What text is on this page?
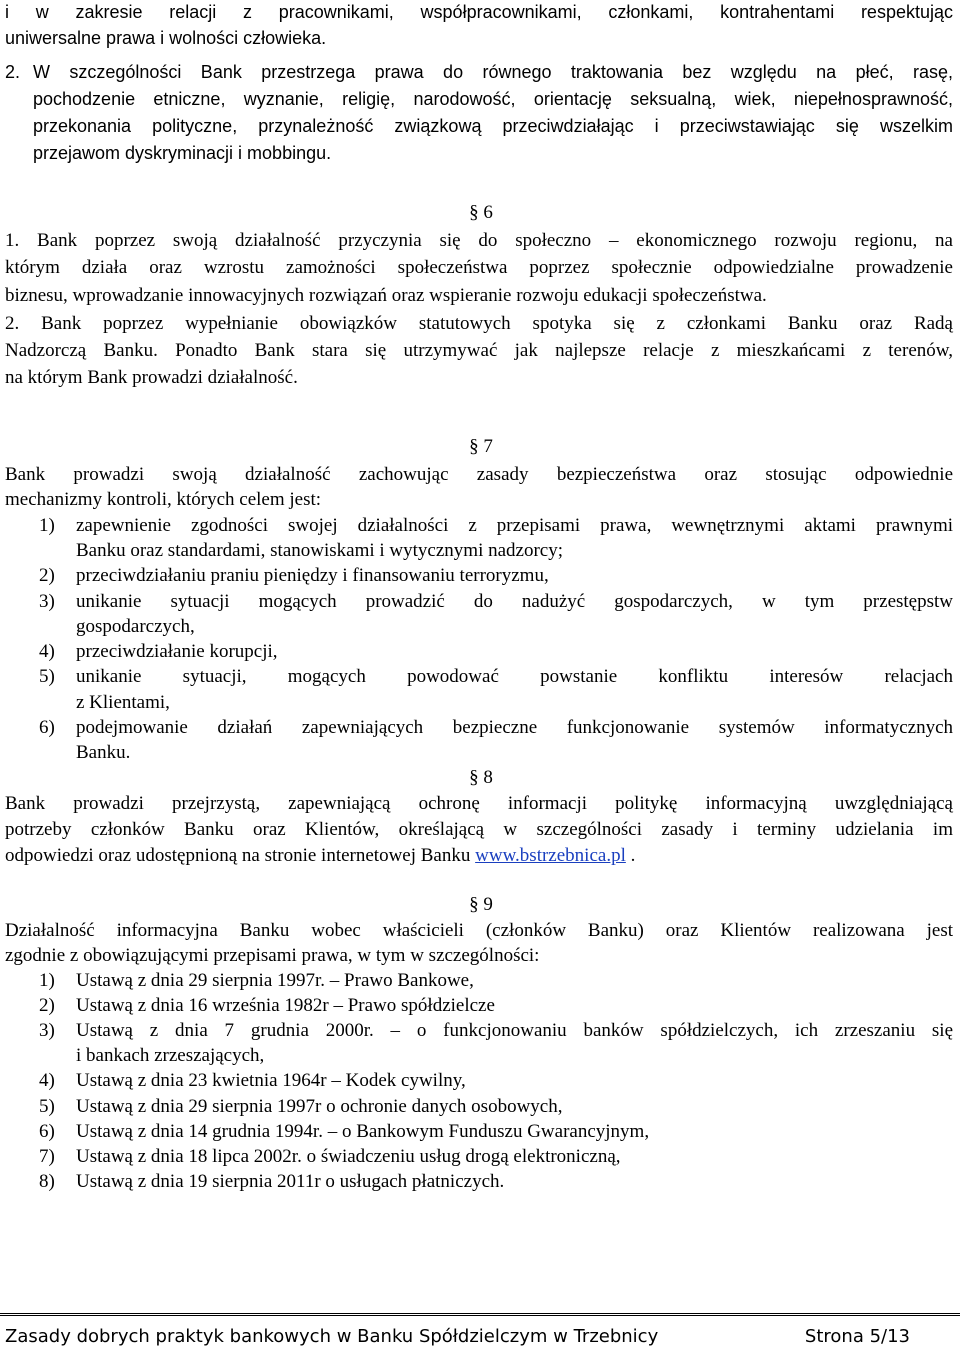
i w zakresie relacji z pracownikami, współpracownikami, członkami, kontrahentami respektując
uniwersalne prawa i wolności człowieka.
2. W szczególności Bank przestrzega prawa do równego traktowania bez względu na płeć, rasę,
pochodzenie etniczne, wyznanie, religię, narodowość, orientację seksualną, wiek, niepełnosprawność,
przekonania polityczne, przynależność związkową przeciwdziałając i przeciwstawiając się wszelkim
przejawom dyskryminacji i mobbingu.
§ 6
1. Bank poprzez swoją działalność przyczynia się do społeczno – ekonomicznego rozwoju regionu, na
którym działa oraz wzrostu zamożności społeczeństwa poprzez społecznie odpowiedzialne prowadzenie
biznesu, wprowadzanie innowacyjnych rozwiązań oraz wspieranie rozwoju edukacji społeczeństwa.
2. Bank poprzez wypełnianie obowiązków statutowych spotyka się z członkami Banku oraz Radą
Nadzorczą Banku. Ponadto Bank stara się utrzymywać jak najlepsze relacje z mieszkańcami z terenów,
na którym Bank prowadzi działalność.
§ 7
Bank prowadzi swoją działalność zachowując zasady bezpieczeństwa oraz stosując odpowiednie
mechanizmy kontroli, których celem jest:
1) zapewnienie zgodności swojej działalności z przepisami prawa, wewnętrznymi aktami prawnymi
Banku oraz standardami, stanowiskami i wytycznymi nadzorcy;
2) przeciwdziałaniu praniu pieniędzy i finansowaniu terroryzmu,
3) unikanie sytuacji mogących prowadzić do nadużyć gospodarczych, w tym przestępstw
gospodarczych,
4) przeciwdziałanie korupcji,
5) unikanie sytuacji, mogących powodować powstanie konfliktu interesów relacjach
z Klientami,
6) podejmowanie działań zapewniających bezpieczne funkcjonowanie systemów informatycznych
Banku.
§ 8
Bank prowadzi przejrzystą, zapewniającą ochronę informacji politykę informacyjną uwzględniającą
potrzeby członków Banku oraz Klientów, określającą w szczególności zasady i terminy udzielania im
odpowiedzi oraz udostępnioną na stronie internetowej Banku www.bstrzebnica.pl .
§ 9
Działalność informacyjna Banku wobec właścicieli (członków Banku) oraz Klientów realizowana jest
zgodnie z obowiązującymi przepisami prawa, w tym w szczególności:
1) Ustawą z dnia 29 sierpnia 1997r. – Prawo Bankowe,
2) Ustawą z dnia 16 września 1982r – Prawo spółdzielcze
3) Ustawą z dnia 7 grudnia 2000r. – o funkcjonowaniu banków spółdzielczych, ich zrzeszaniu się
i bankach zrzeszających,
4) Ustawą z dnia 23 kwietnia 1964r – Kodek cywilny,
5) Ustawą z dnia 29 sierpnia 1997r o ochronie danych osobowych,
6) Ustawą z dnia 14 grudnia 1994r. – o Bankowym Funduszu Gwarancyjnym,
7) Ustawą z dnia 18 lipca 2002r. o świadczeniu usług drogą elektroniczną,
8) Ustawą z dnia 19 sierpnia 2011r o usługach płatniczych.
Zasady dobrych praktyk bankowych w Banku Spółdzielczym w Trzebnicy	Strona 5/13
